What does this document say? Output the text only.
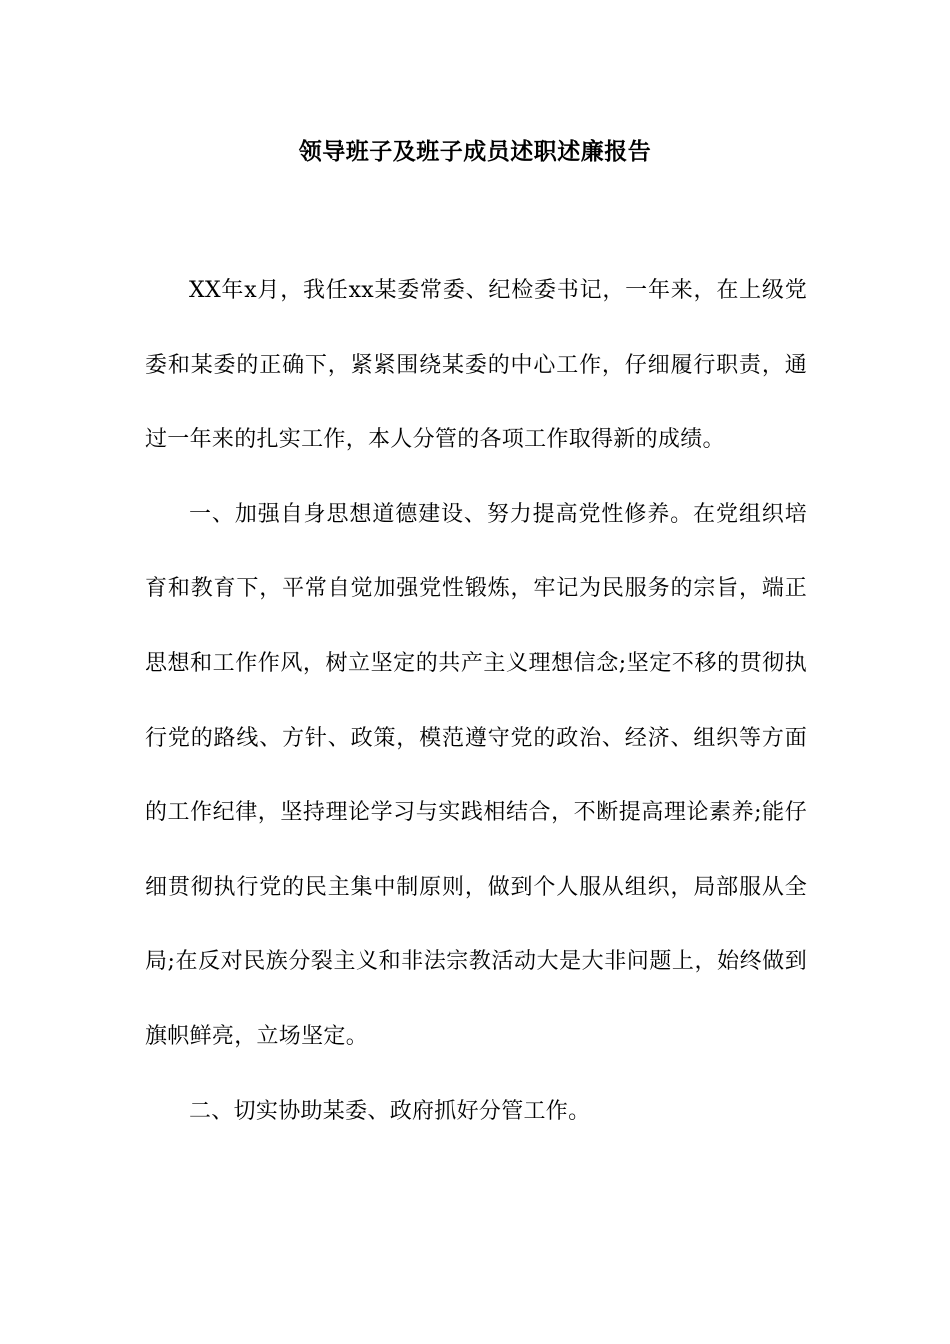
领导班子及班子成员述职述廉报告

XX年x月，我任xx某委常委、纪检委书记，一年来，在上级党委和某委的正确下，紧紧围绕某委的中心工作，仔细履行职责，通过一年来的扎实工作，本人分管的各项工作取得新的成绩。

一、加强自身思想道德建设、努力提高党性修养。在党组织培育和教育下，平常自觉加强党性锻炼，牢记为民服务的宗旨，端正思想和工作作风，树立坚定的共产主义理想信念;坚定不移的贯彻执行党的路线、方针、政策，模范遵守党的政治、经济、组织等方面的工作纪律，坚持理论学习与实践相结合，不断提高理论素养;能仔细贯彻执行党的民主集中制原则，做到个人服从组织，局部服从全局;在反对民族分裂主义和非法宗教活动大是大非问题上，始终做到旗帜鲜亮，立场坚定。

二、切实协助某委、政府抓好分管工作。
